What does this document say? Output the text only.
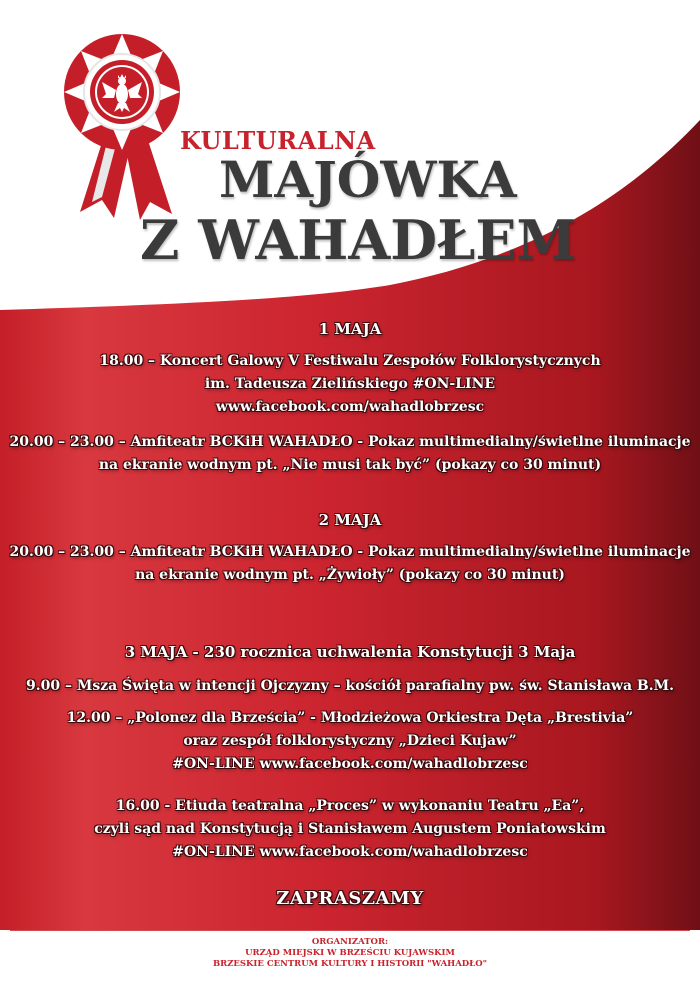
KULTURALNA
MAJÓWKA
Z WAHADŁEM
1 MAJA
18.00 – Koncert Galowy V Festiwalu Zespołów Folklorystycznych
im. Tadeusza Zielińskiego #ON-LINE
www.facebook.com/wahadlobrzesc
20.00 – 23.00 – Amfiteatr BCKiH WAHADŁO - Pokaz multimedialny/świetlne iluminacje
na ekranie wodnym pt. „Nie musi tak być” (pokazy co 30 minut)
2 MAJA
20.00 – 23.00 – Amfiteatr BCKiH WAHADŁO - Pokaz multimedialny/świetlne iluminacje
na ekranie wodnym pt. „Żywioły” (pokazy co 30 minut)
3 MAJA - 230 rocznica uchwalenia Konstytucji 3 Maja
9.00 – Msza Święta w intencji Ojczyzny – kościół parafialny pw. św. Stanisława B.M.
12.00 – „Polonez dla Brześcia” - Młodzieżowa Orkiestra Dęta „Brestivia”
oraz zespół folklorystyczny „Dzieci Kujaw”
#ON-LINE www.facebook.com/wahadlobrzesc
16.00 - Etiuda teatralna „Proces” w wykonaniu Teatru „Ea”,
czyli sąd nad Konstytucją i Stanisławem Augustem Poniatowskim
#ON-LINE www.facebook.com/wahadlobrzesc
ZAPRASZAMY
ORGANIZATOR:
URZĄD MIEJSKI W BRZEŚCIU KUJAWSKIM
BRZESKIE CENTRUM KULTURY I HISTORII "WAHADŁO"
